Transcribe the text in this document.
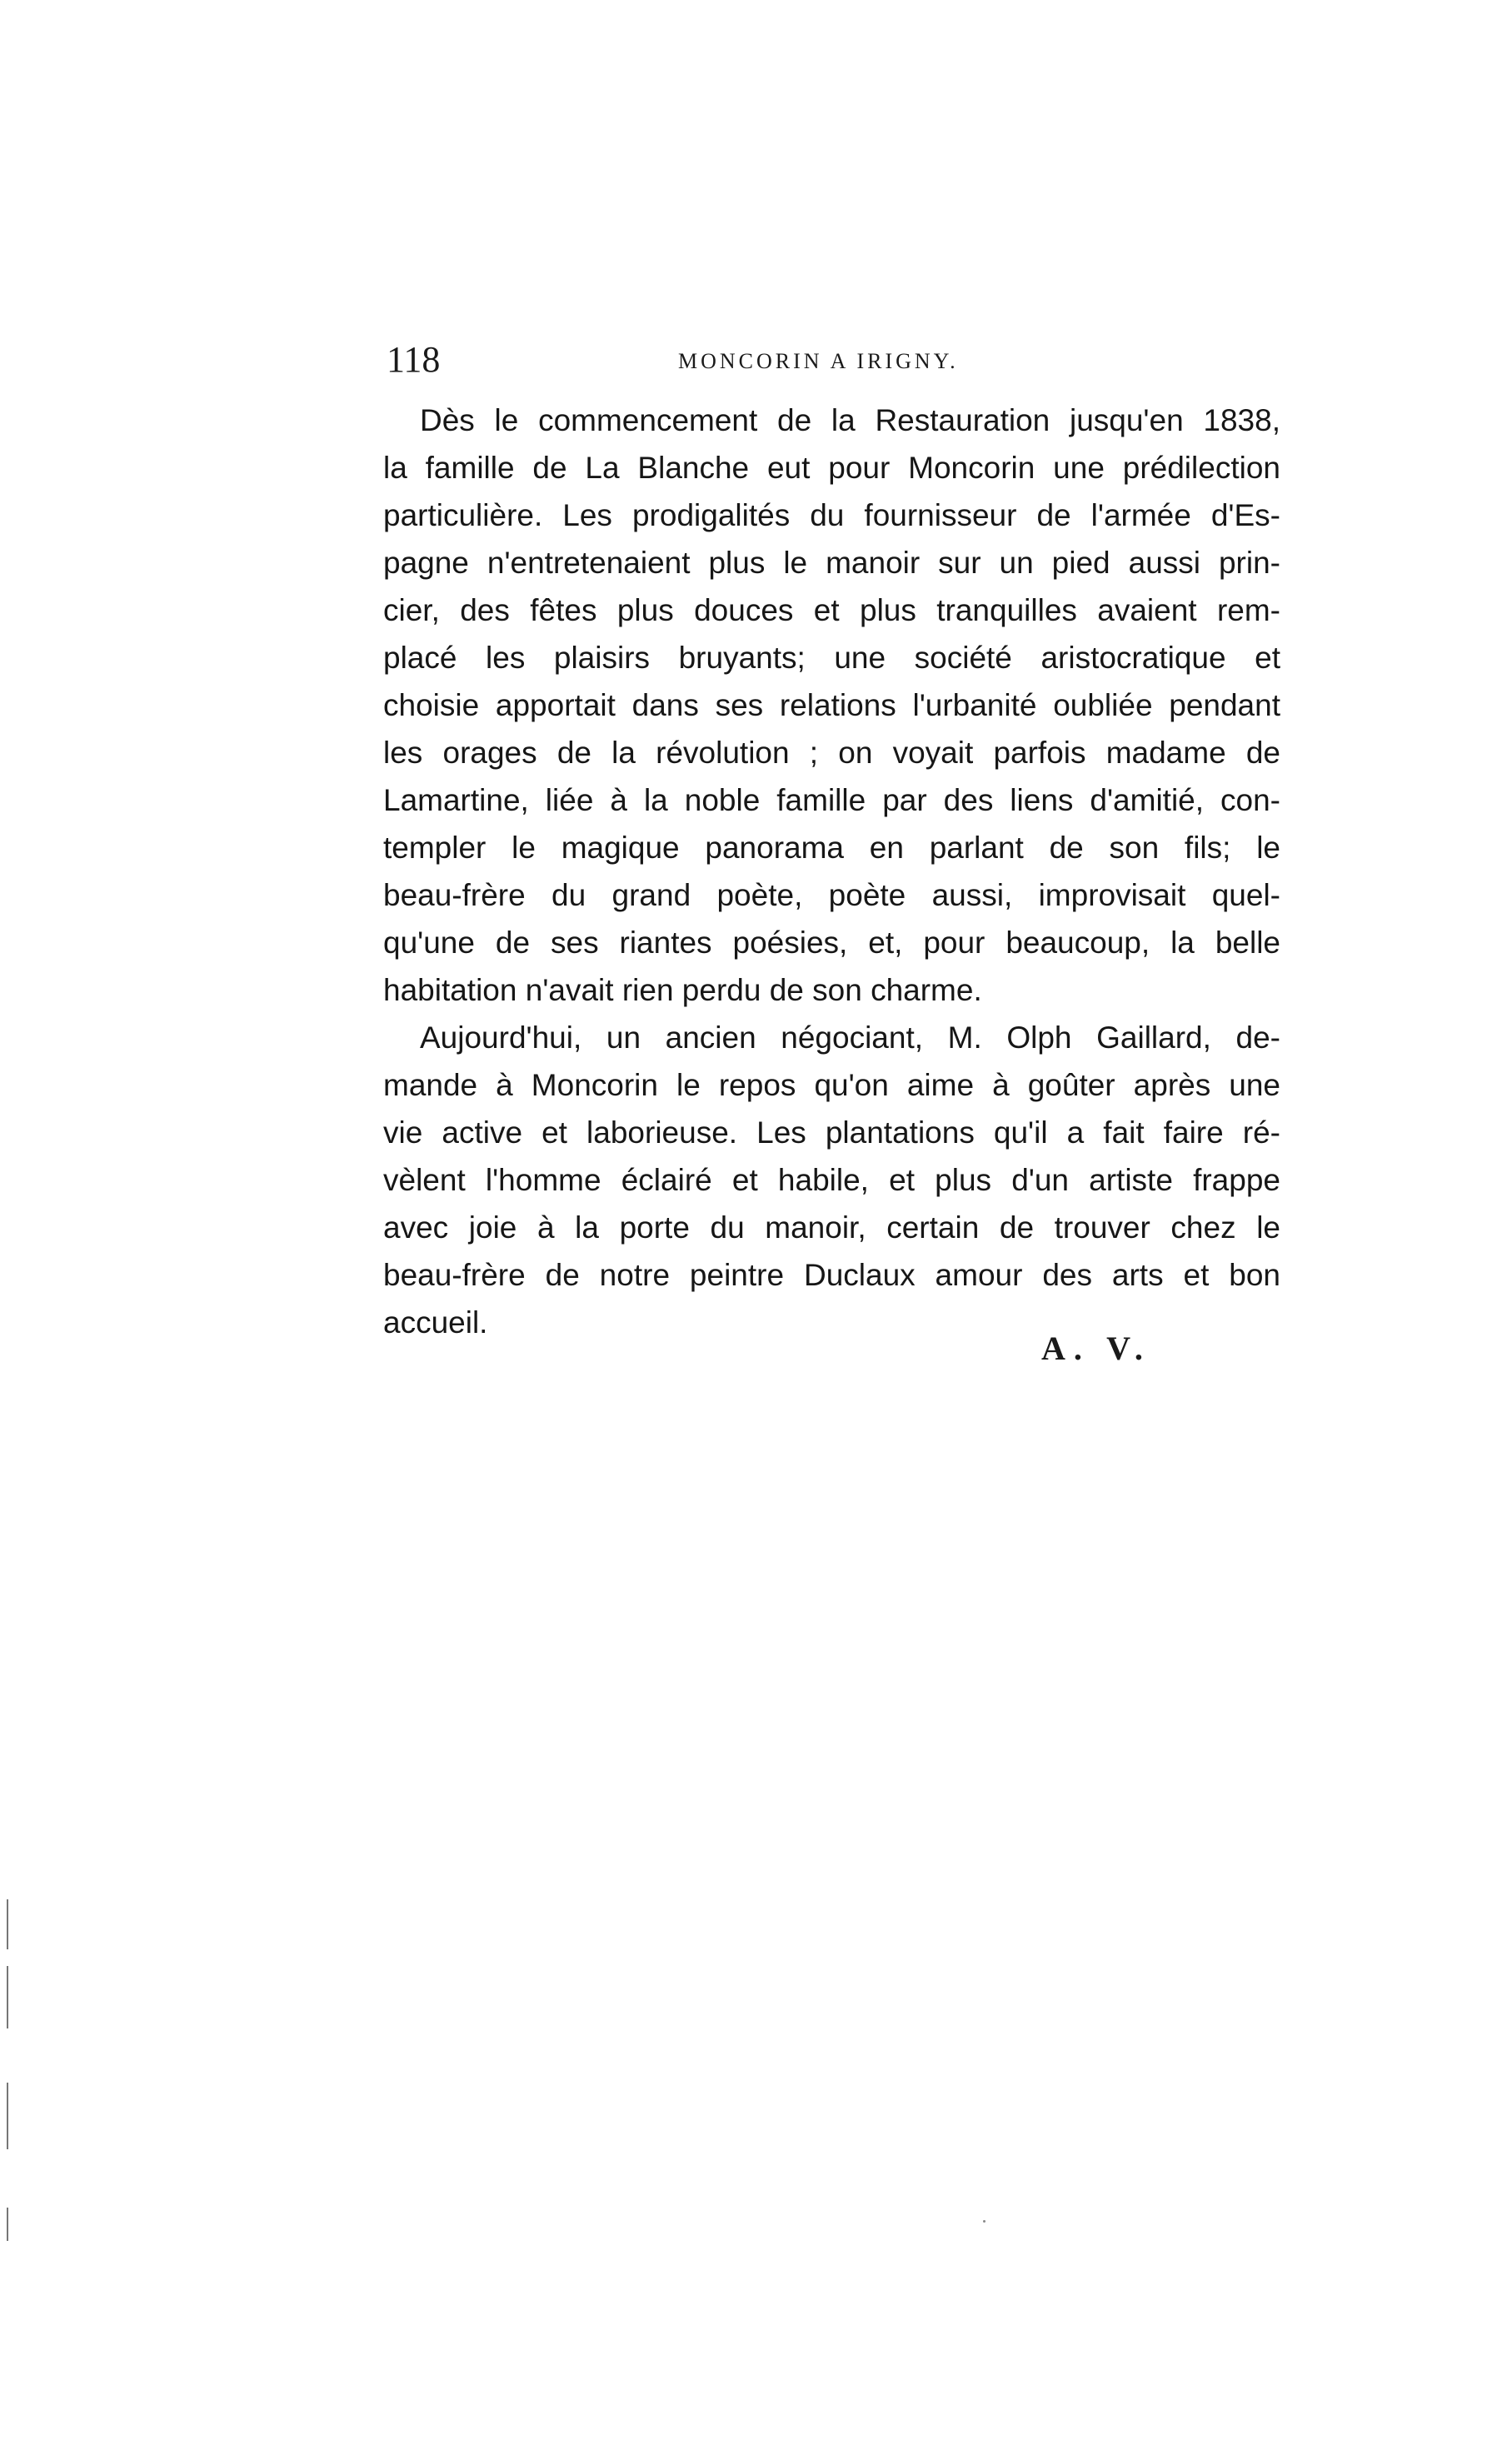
118	MONCORIN A IRIGNY.

Dès le commencement de la Restauration jusqu'en 1838,
la famille de La Blanche eut pour Moncorin une prédilection
particulière. Les prodigalités du fournisseur de l'armée d'Es-
pagne n'entretenaient plus le manoir sur un pied aussi prin-
cier, des fêtes plus douces et plus tranquilles avaient rem-
placé les plaisirs bruyants; une société aristocratique et
choisie apportait dans ses relations l'urbanité oubliée pendant
les orages de la révolution ; on voyait parfois madame de
Lamartine, liée à la noble famille par des liens d'amitié, con-
templer le magique panorama en parlant de son fils; le
beau-frère du grand poète, poète aussi, improvisait quel-
qu'une de ses riantes poésies, et, pour beaucoup, la belle
habitation n'avait rien perdu de son charme.

Aujourd'hui, un ancien négociant, M. Olph Gaillard, de-
mande à Moncorin le repos qu'on aime à goûter après une
vie active et laborieuse. Les plantations qu'il a fait faire ré-
vèlent l'homme éclairé et habile, et plus d'un artiste frappe
avec joie à la porte du manoir, certain de trouver chez le
beau-frère de notre peintre Duclaux amour des arts et bon
accueil.

A. V.
